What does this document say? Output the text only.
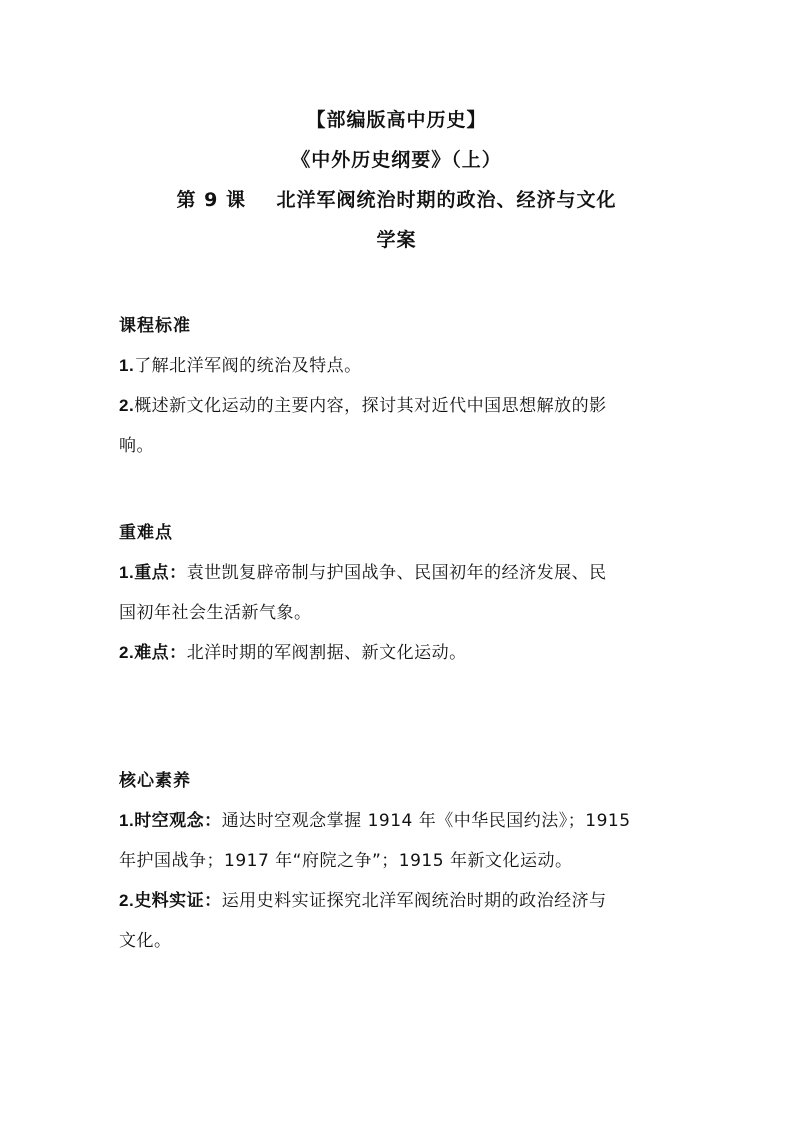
【部编版高中历史】
《中外历史纲要》（上）
第 9 课    北洋军阀统治时期的政治、经济与文化
学案
课程标准
1.了解北洋军阀的统治及特点。
2.概述新文化运动的主要内容，探讨其对近代中国思想解放的影
响。
重难点
1.重点：袁世凯复辟帝制与护国战争、民国初年的经济发展、民
国初年社会生活新气象。
2.难点：北洋时期的军阀割据、新文化运动。
核心素养
1.时空观念：通达时空观念掌握 1914 年《中华民国约法》；1915
年护国战争；1917 年“府院之争”；1915 年新文化运动。
2.史料实证：运用史料实证探究北洋军阀统治时期的政治经济与
文化。
